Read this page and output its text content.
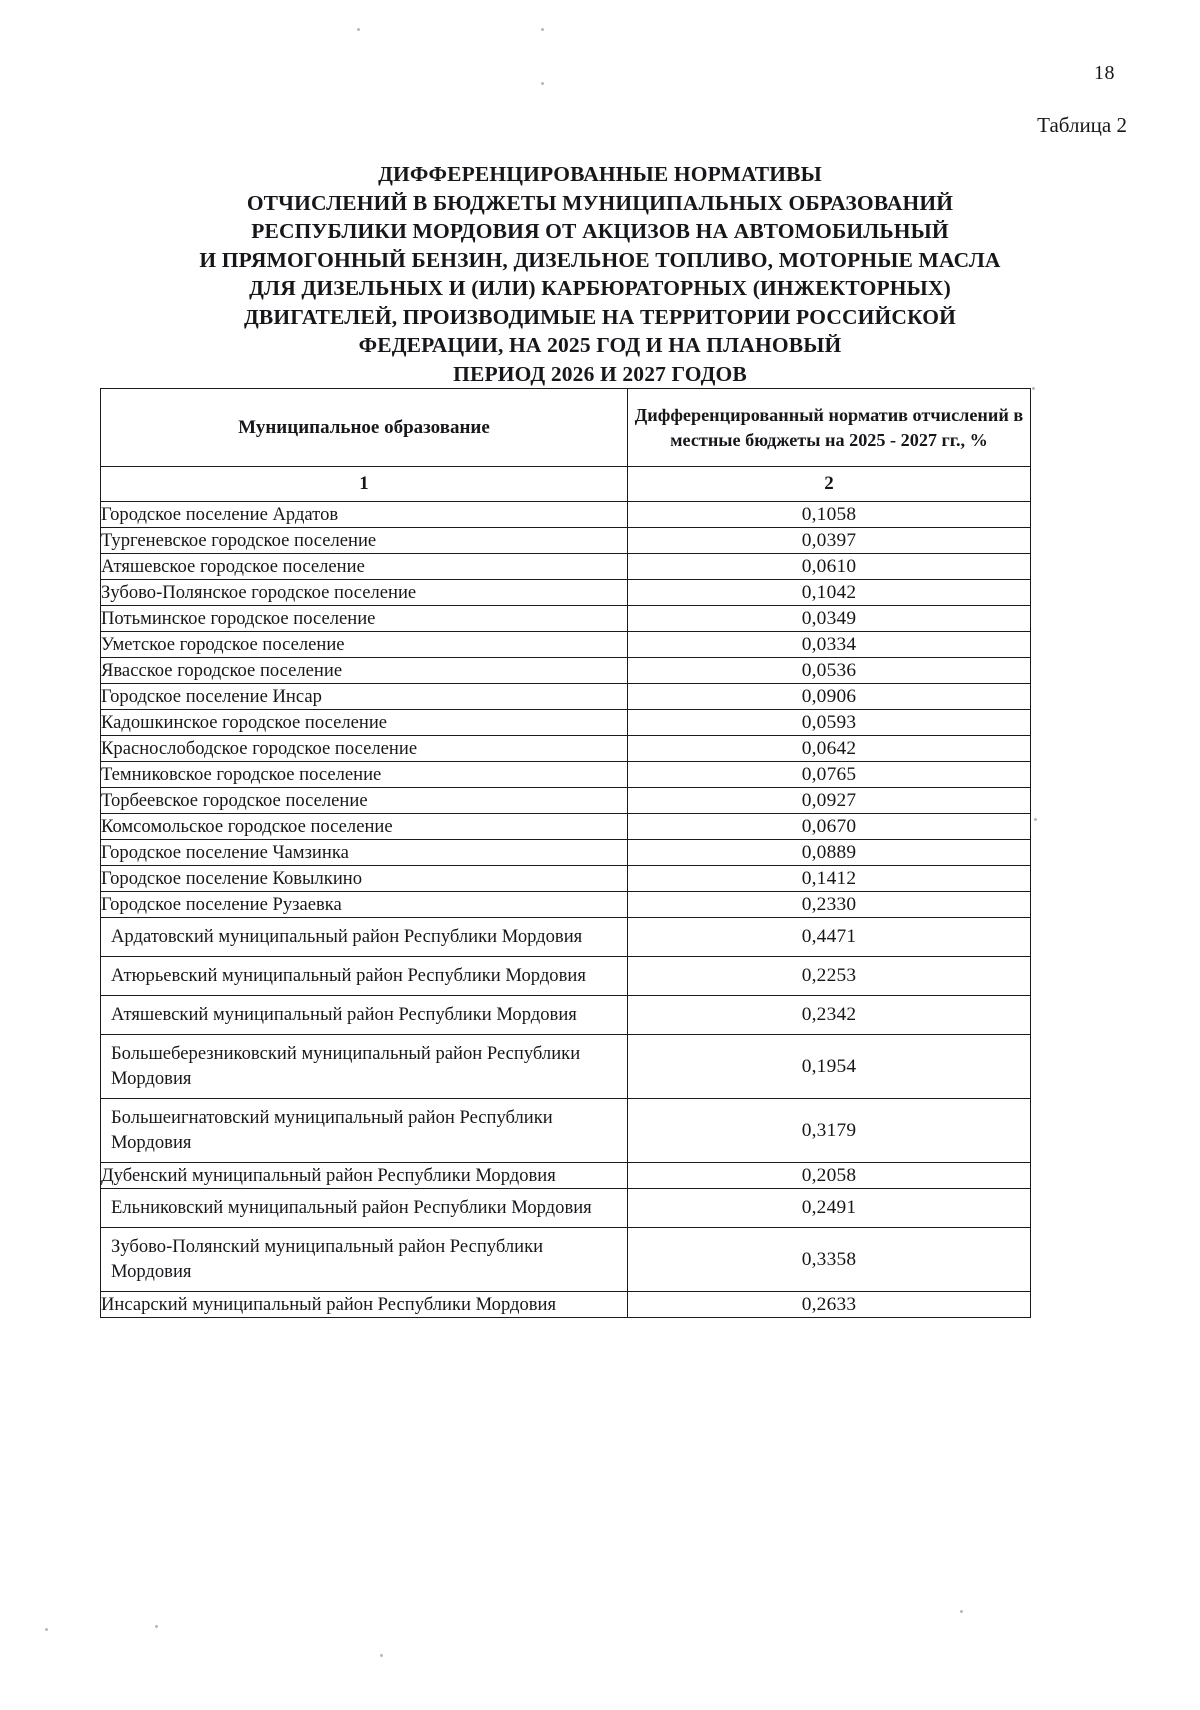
18
Таблица 2
ДИФФЕРЕНЦИРОВАННЫЕ НОРМАТИВЫ
ОТЧИСЛЕНИЙ В БЮДЖЕТЫ МУНИЦИПАЛЬНЫХ ОБРАЗОВАНИЙ
РЕСПУБЛИКИ МОРДОВИЯ ОТ АКЦИЗОВ НА АВТОМОБИЛЬНЫЙ
И ПРЯМОГОННЫЙ БЕНЗИН, ДИЗЕЛЬНОЕ ТОПЛИВО, МОТОРНЫЕ МАСЛА
ДЛЯ ДИЗЕЛЬНЫХ И (ИЛИ) КАРБЮРАТОРНЫХ (ИНЖЕКТОРНЫХ)
ДВИГАТЕЛЕЙ, ПРОИЗВОДИМЫЕ НА ТЕРРИТОРИИ РОССИЙСКОЙ
ФЕДЕРАЦИИ, НА 2025 ГОД И НА ПЛАНОВЫЙ
ПЕРИОД 2026 И 2027 ГОДОВ
Муниципальное образование	Дифференцированный норматив отчислений в местные бюджеты на 2025 - 2027 гг., %
1	2
Городское поселение Ардатов	0,1058
Тургеневское городское поселение	0,0397
Атяшевское городское поселение	0,0610
Зубово-Полянское городское поселение	0,1042
Потьминское городское поселение	0,0349
Уметское городское поселение	0,0334
Явасское городское поселение	0,0536
Городское поселение Инсар	0,0906
Кадошкинское городское поселение	0,0593
Краснослободское городское поселение	0,0642
Темниковское городское поселение	0,0765
Торбеевское городское поселение	0,0927
Комсомольское городское поселение	0,0670
Городское поселение Чамзинка	0,0889
Городское поселение Ковылкино	0,1412
Городское поселение Рузаевка	0,2330
Ардатовский муниципальный район Республики Мордовия	0,4471
Атюрьевский муниципальный район Республики Мордовия	0,2253
Атяшевский муниципальный район Республики Мордовия	0,2342
Большеберезниковский муниципальный район Республики Мордовия	0,1954
Большеигнатовский муниципальный район Республики Мордовия	0,3179
Дубенский муниципальный район Республики Мордовия	0,2058
Ельниковский муниципальный район Республики Мордовия	0,2491
Зубово-Полянский муниципальный район Республики Мордовия	0,3358
Инсарский муниципальный район Республики Мордовия	0,2633
